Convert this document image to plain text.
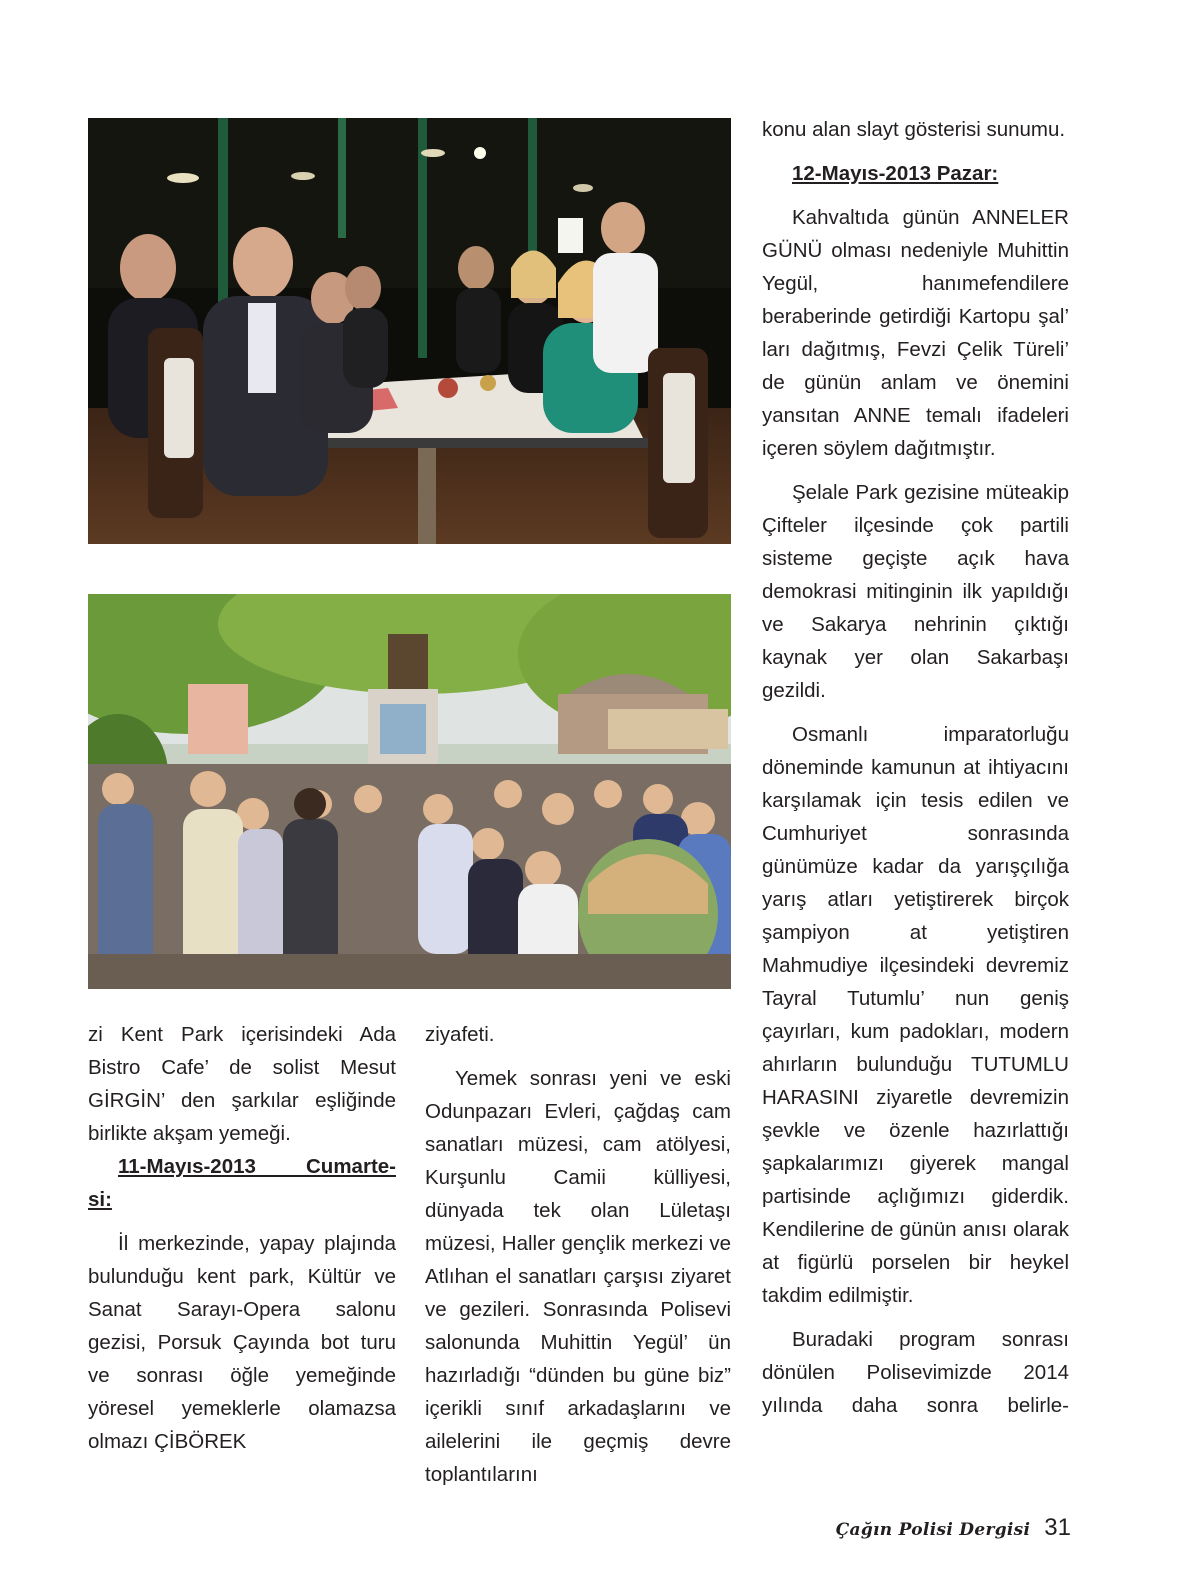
zi Kent Park içerisindeki Ada Bistro Cafe’ de solist Mesut GİRGİN’ den şarkılar eşliğinde birlikte akşam yemeği.

11-Mayıs-2013 Cumarte-

si:

İl merkezinde, yapay plajında bulunduğu kent park, Kültür ve Sanat Sarayı-Opera salonu gezisi, Porsuk Çayında bot turu ve sonrası öğle yemeğinde yöresel yemeklerle olamazsa olmazı ÇİBÖREK

ziyafeti.

Yemek sonrası yeni ve eski Odunpazarı Evleri, çağdaş cam sanatları müzesi, cam atölyesi, Kurşunlu Camii külliyesi, dünyada tek olan Lületaşı müzesi, Haller gençlik merkezi ve Atlıhan el sanatları çarşısı ziyaret ve gezileri. Sonrasında Polisevi salonunda Muhittin Yegül’ ün hazırladığı “dünden bu güne biz” içerikli sınıf arkadaşlarını ve ailelerini ile geçmiş devre toplantılarını

konu alan slayt gösterisi sunumu.

12-Mayıs-2013 Pazar:

Kahvaltıda günün ANNELER GÜNÜ olması nedeniyle Muhittin Yegül, hanımefendilere beraberinde getirdiği Kartopu şal’ ları dağıtmış, Fevzi Çelik Türeli’ de günün anlam ve önemini yansıtan ANNE temalı ifadeleri içeren söylem dağıtmıştır.

Şelale Park gezisine müteakip Çifteler ilçesinde çok partili sisteme geçişte açık hava demokrasi mitinginin ilk yapıldığı ve Sakarya nehrinin çıktığı kaynak yer olan Sakarbaşı gezildi.

Osmanlı imparatorluğu döneminde kamunun at ihtiyacını karşılamak için tesis edilen ve Cumhuriyet sonrasında günümüze kadar da yarışçılığa yarış atları yetiştirerek birçok şampiyon at yetiştiren Mahmudiye ilçesindeki devremiz Tayral Tutumlu’ nun geniş çayırları, kum padokları, modern ahırların bulunduğu TUTUMLU HARASINI ziyaretle devremizin şevkle ve özenle hazırlattığı şapkalarımızı giyerek mangal partisinde açlığımızı giderdik. Kendilerine de günün anısı olarak at figürlü porselen bir heykel takdim edilmiştir.

Buradaki program sonrası dönülen Polisevimizde 2014 yılında daha sonra belirle-

Çağın Polisi Dergisi 31
